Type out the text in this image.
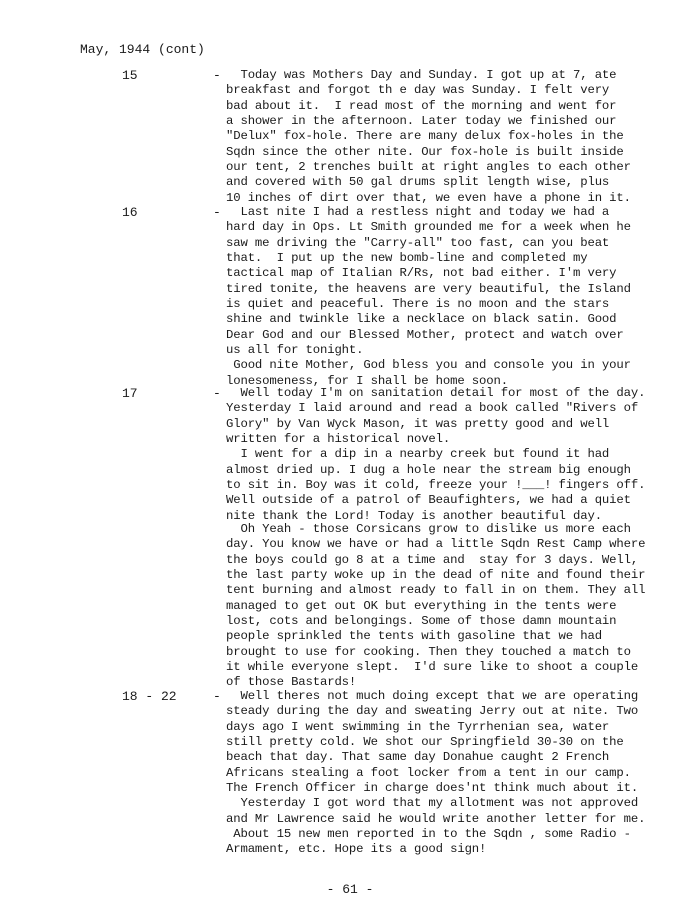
May, 1944 (cont)
15	- Today was Mothers Day and Sunday. I got up at 7, ate
breakfast and forgot th e day was Sunday. I felt very
bad about it.  I read most of the morning and went for
a shower in the afternoon. Later today we finished our
"Delux" fox-hole. There are many delux fox-holes in the
Sqdn since the other nite. Our fox-hole is built inside
our tent, 2 trenches built at right angles to each other
and covered with 50 gal drums split length wise, plus
10 inches of dirt over that, we even have a phone in it.
16	- Last nite I had a restless night and today we had a
hard day in Ops. Lt Smith grounded me for a week when he
saw me driving the "Carry-all" too fast, can you beat
that.  I put up the new bomb-line and completed my
tactical map of Italian R/Rs, not bad either. I'm very
tired tonite, the heavens are very beautiful, the Island
is quiet and peaceful. There is no moon and the stars
shine and twinkle like a necklace on black satin. Good
Dear God and our Blessed Mother, protect and watch over
us all for tonight.
Good nite Mother, God bless you and console you in your
lonesomeness, for I shall be home soon.
17	- Well today I'm on sanitation detail for most of the day.
Yesterday I laid around and read a book called "Rivers of
Glory" by Van Wyck Mason, it was pretty good and well
written for a historical novel.
I went for a dip in a nearby creek but found it had
almost dried up. I dug a hole near the stream big enough
to sit in. Boy was it cold, freeze your !___! fingers off.
Well outside of a patrol of Beaufighters, we had a quiet
nite thank the Lord! Today is another beautiful day.
Oh Yeah - those Corsicans grow to dislike us more each
day. You know we have or had a little Sqdn Rest Camp where
the boys could go 8 at a time and  stay for 3 days. Well,
the last party woke up in the dead of nite and found their
tent burning and almost ready to fall in on them. They all
managed to get out OK but everything in the tents were
lost, cots and belongings. Some of those damn mountain
people sprinkled the tents with gasoline that we had
brought to use for cooking. Then they touched a match to
it while everyone slept.  I'd sure like to shoot a couple
of those Bastards!
18 - 22	- Well theres not much doing except that we are operating
steady during the day and sweating Jerry out at nite. Two
days ago I went swimming in the Tyrrhenian sea, water
still pretty cold. We shot our Springfield 30-30 on the
beach that day. That same day Donahue caught 2 French
Africans stealing a foot locker from a tent in our camp.
The French Officer in charge does'nt think much about it.
Yesterday I got word that my allotment was not approved
and Mr Lawrence said he would write another letter for me.
About 15 new men reported in to the Sqdn , some Radio -
Armament, etc. Hope its a good sign!
- 61 -
